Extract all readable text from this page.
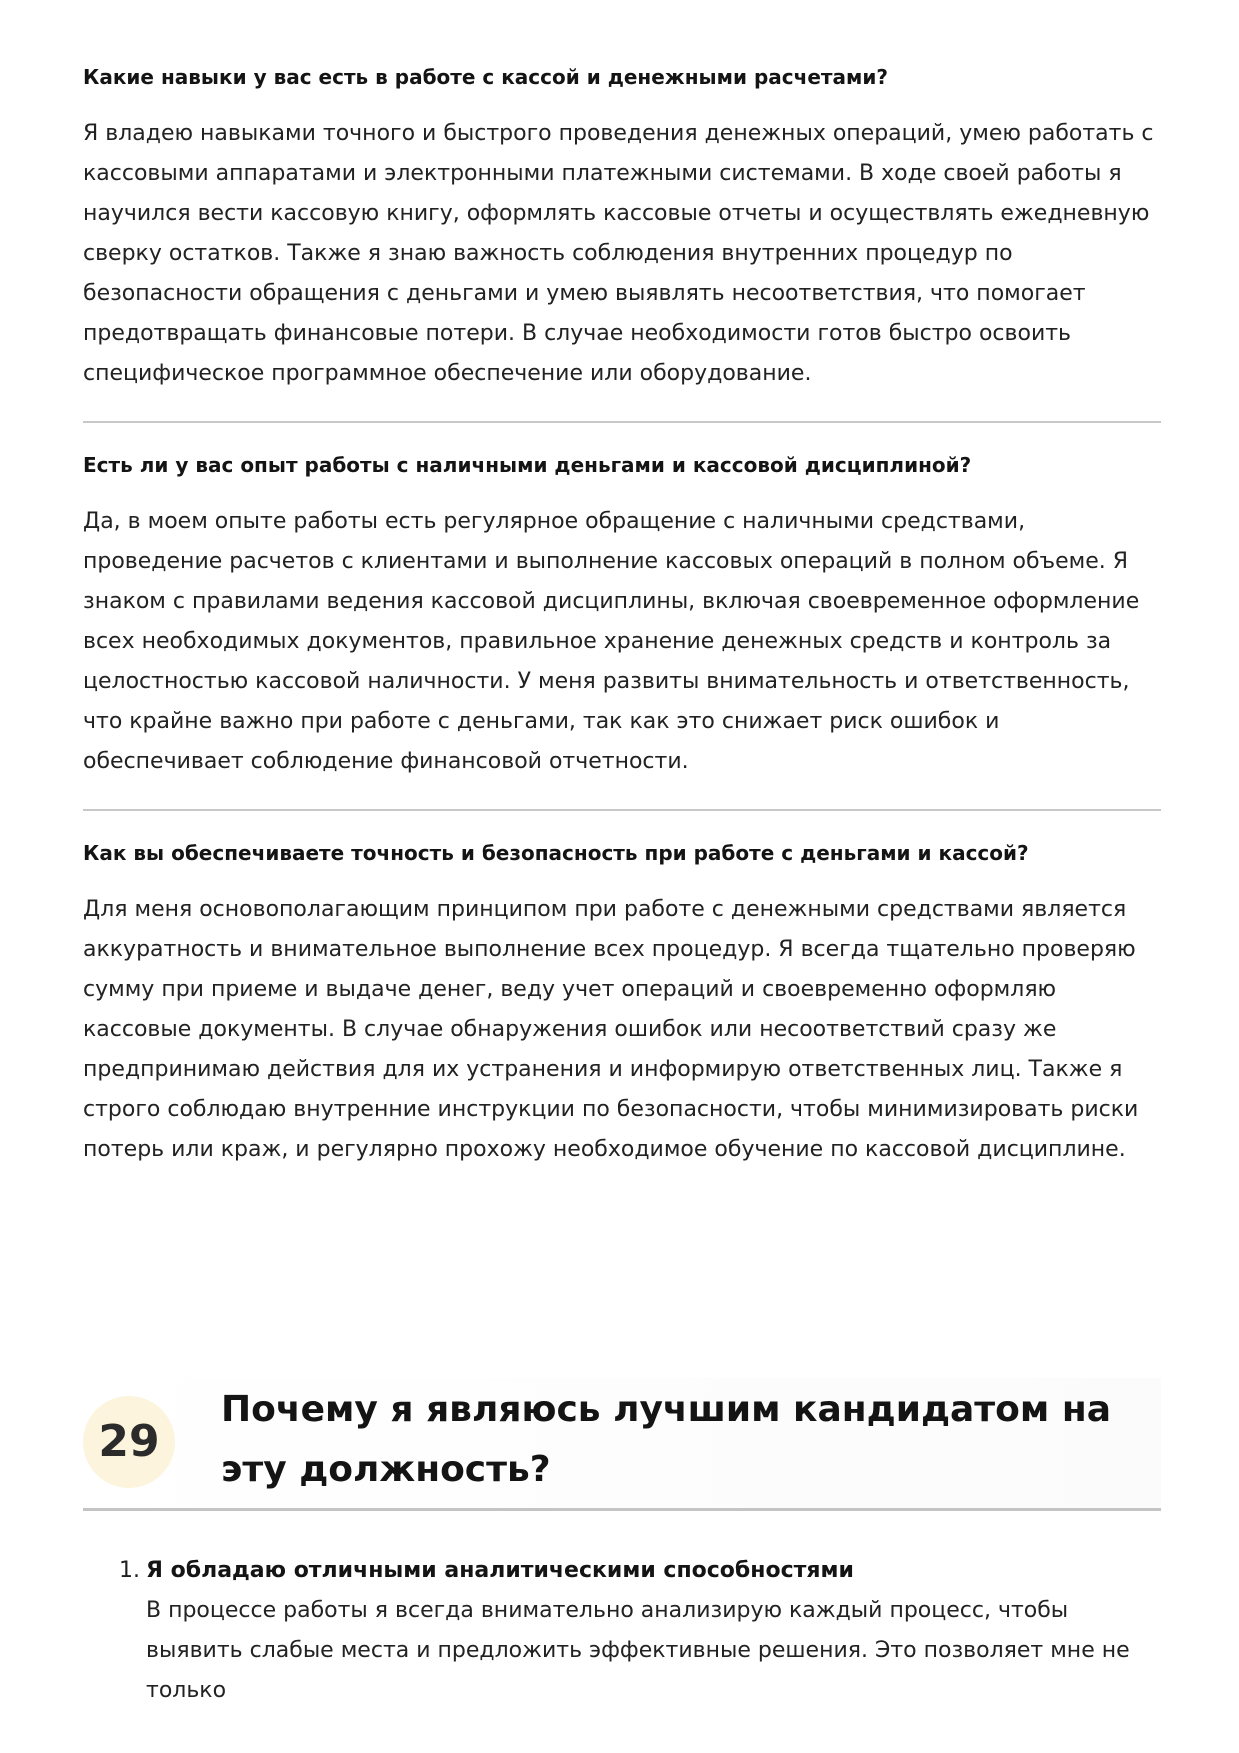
Какие навыки у вас есть в работе с кассой и денежными расчетами?

Я владею навыками точного и быстрого проведения денежных операций, умею работать с кассовыми аппаратами и электронными платежными системами. В ходе своей работы я научился вести кассовую книгу, оформлять кассовые отчеты и осуществлять ежедневную сверку остатков. Также я знаю важность соблюдения внутренних процедур по безопасности обращения с деньгами и умею выявлять несоответствия, что помогает предотвращать финансовые потери. В случае необходимости готов быстро освоить специфическое программное обеспечение или оборудование.

Есть ли у вас опыт работы с наличными деньгами и кассовой дисциплиной?

Да, в моем опыте работы есть регулярное обращение с наличными средствами, проведение расчетов с клиентами и выполнение кассовых операций в полном объеме. Я знаком с правилами ведения кассовой дисциплины, включая своевременное оформление всех необходимых документов, правильное хранение денежных средств и контроль за целостностью кассовой наличности. У меня развиты внимательность и ответственность, что крайне важно при работе с деньгами, так как это снижает риск ошибок и обеспечивает соблюдение финансовой отчетности.

Как вы обеспечиваете точность и безопасность при работе с деньгами и кассой?

Для меня основополагающим принципом при работе с денежными средствами является аккуратность и внимательное выполнение всех процедур. Я всегда тщательно проверяю сумму при приеме и выдаче денег, веду учет операций и своевременно оформляю кассовые документы. В случае обнаружения ошибок или несоответствий сразу же предпринимаю действия для их устранения и информирую ответственных лиц. Также я строго соблюдаю внутренние инструкции по безопасности, чтобы минимизировать риски потерь или краж, и регулярно прохожу необходимое обучение по кассовой дисциплине.

29
Почему я являюсь лучшим кандидатом на эту должность?
1. Я обладаю отличными аналитическими способностями

В процессе работы я всегда внимательно анализирую каждый процесс, чтобы выявить слабые места и предложить эффективные решения. Это позволяет мне не только
